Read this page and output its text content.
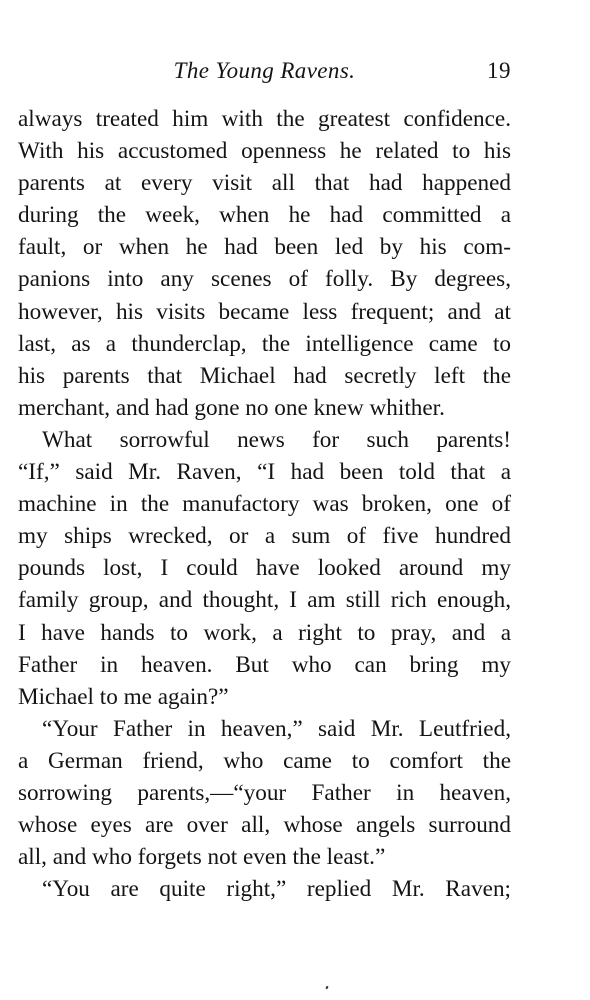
The Young Ravens.	19
always treated him with the greatest confidence.
With his accustomed openness he related to his
parents at every visit all that had happened
during the week, when he had committed a
fault, or when he had been led by his com-
panions into any scenes of folly. By degrees,
however, his visits became less frequent; and at
last, as a thunderclap, the intelligence came to
his parents that Michael had secretly left the
merchant, and had gone no one knew whither.
What sorrowful news for such parents!
“If,” said Mr. Raven, “I had been told that a
machine in the manufactory was broken, one of
my ships wrecked, or a sum of five hundred
pounds lost, I could have looked around my
family group, and thought, I am still rich enough,
I have hands to work, a right to pray, and a
Father in heaven. But who can bring my
Michael to me again?”
“Your Father in heaven,” said Mr. Leutfried,
a German friend, who came to comfort the
sorrowing parents,—“your Father in heaven,
whose eyes are over all, whose angels surround
all, and who forgets not even the least.”
“You are quite right,” replied Mr. Raven;
